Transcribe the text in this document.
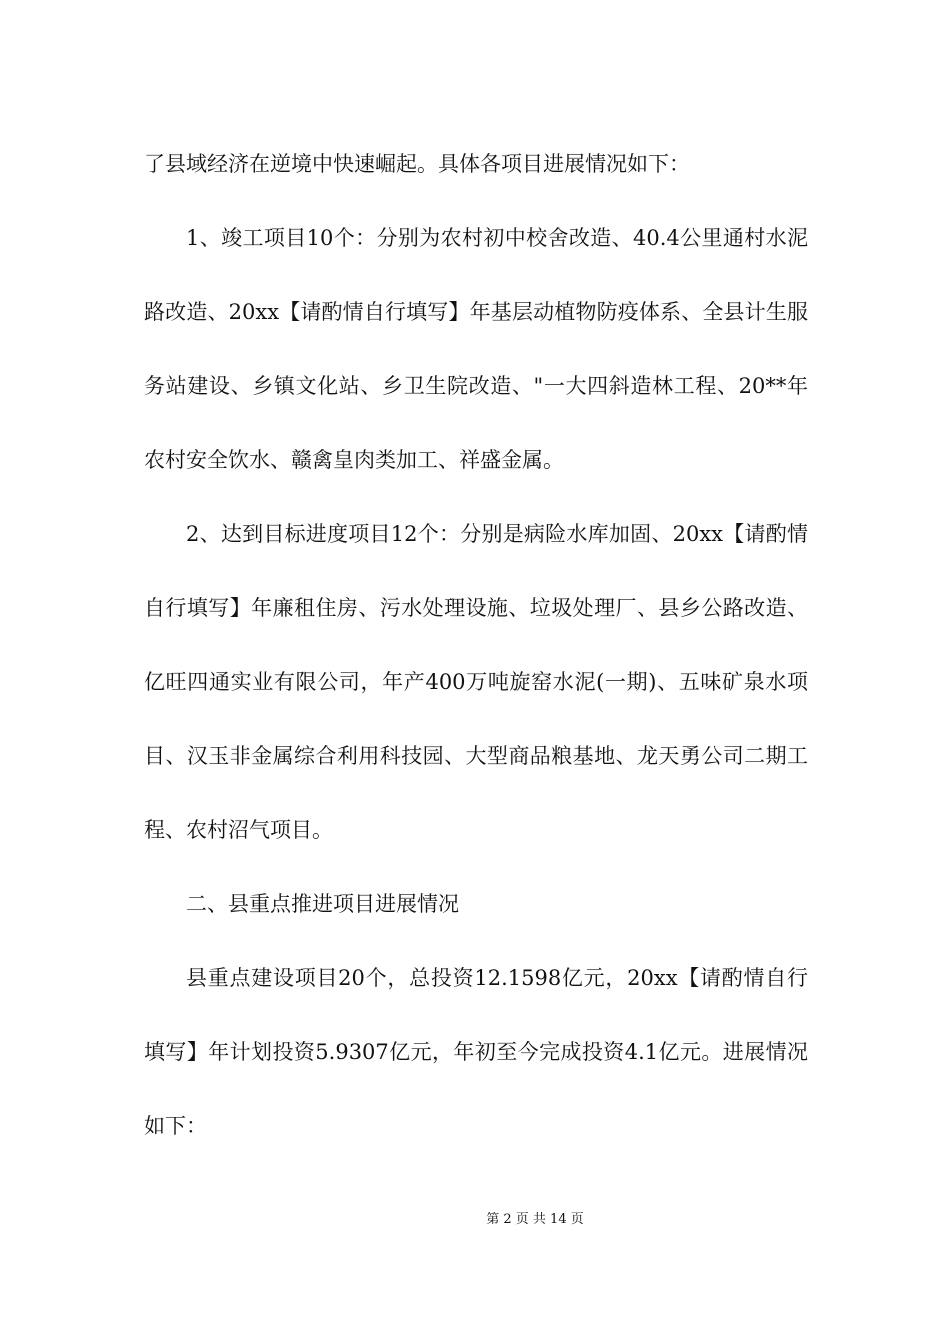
了县域经济在逆境中快速崛起。具体各项目进展情况如下：

1、竣工项目10个：分别为农村初中校舍改造、40.4公里通村水泥路改造、20xx【请酌情自行填写】年基层动植物防疫体系、全县计生服务站建设、乡镇文化站、乡卫生院改造、"一大四斜造林工程、20**年农村安全饮水、赣禽皇肉类加工、祥盛金属。

2、达到目标进度项目12个：分别是病险水库加固、20xx【请酌情自行填写】年廉租住房、污水处理设施、垃圾处理厂、县乡公路改造、亿旺四通实业有限公司，年产400万吨旋窑水泥(一期)、五味矿泉水项目、汉玉非金属综合利用科技园、大型商品粮基地、龙天勇公司二期工程、农村沼气项目。

二、县重点推进项目进展情况

县重点建设项目20个，总投资12.1598亿元，20xx【请酌情自行填写】年计划投资5.9307亿元，年初至今完成投资4.1亿元。进展情况如下：

第 2 页 共 14 页
